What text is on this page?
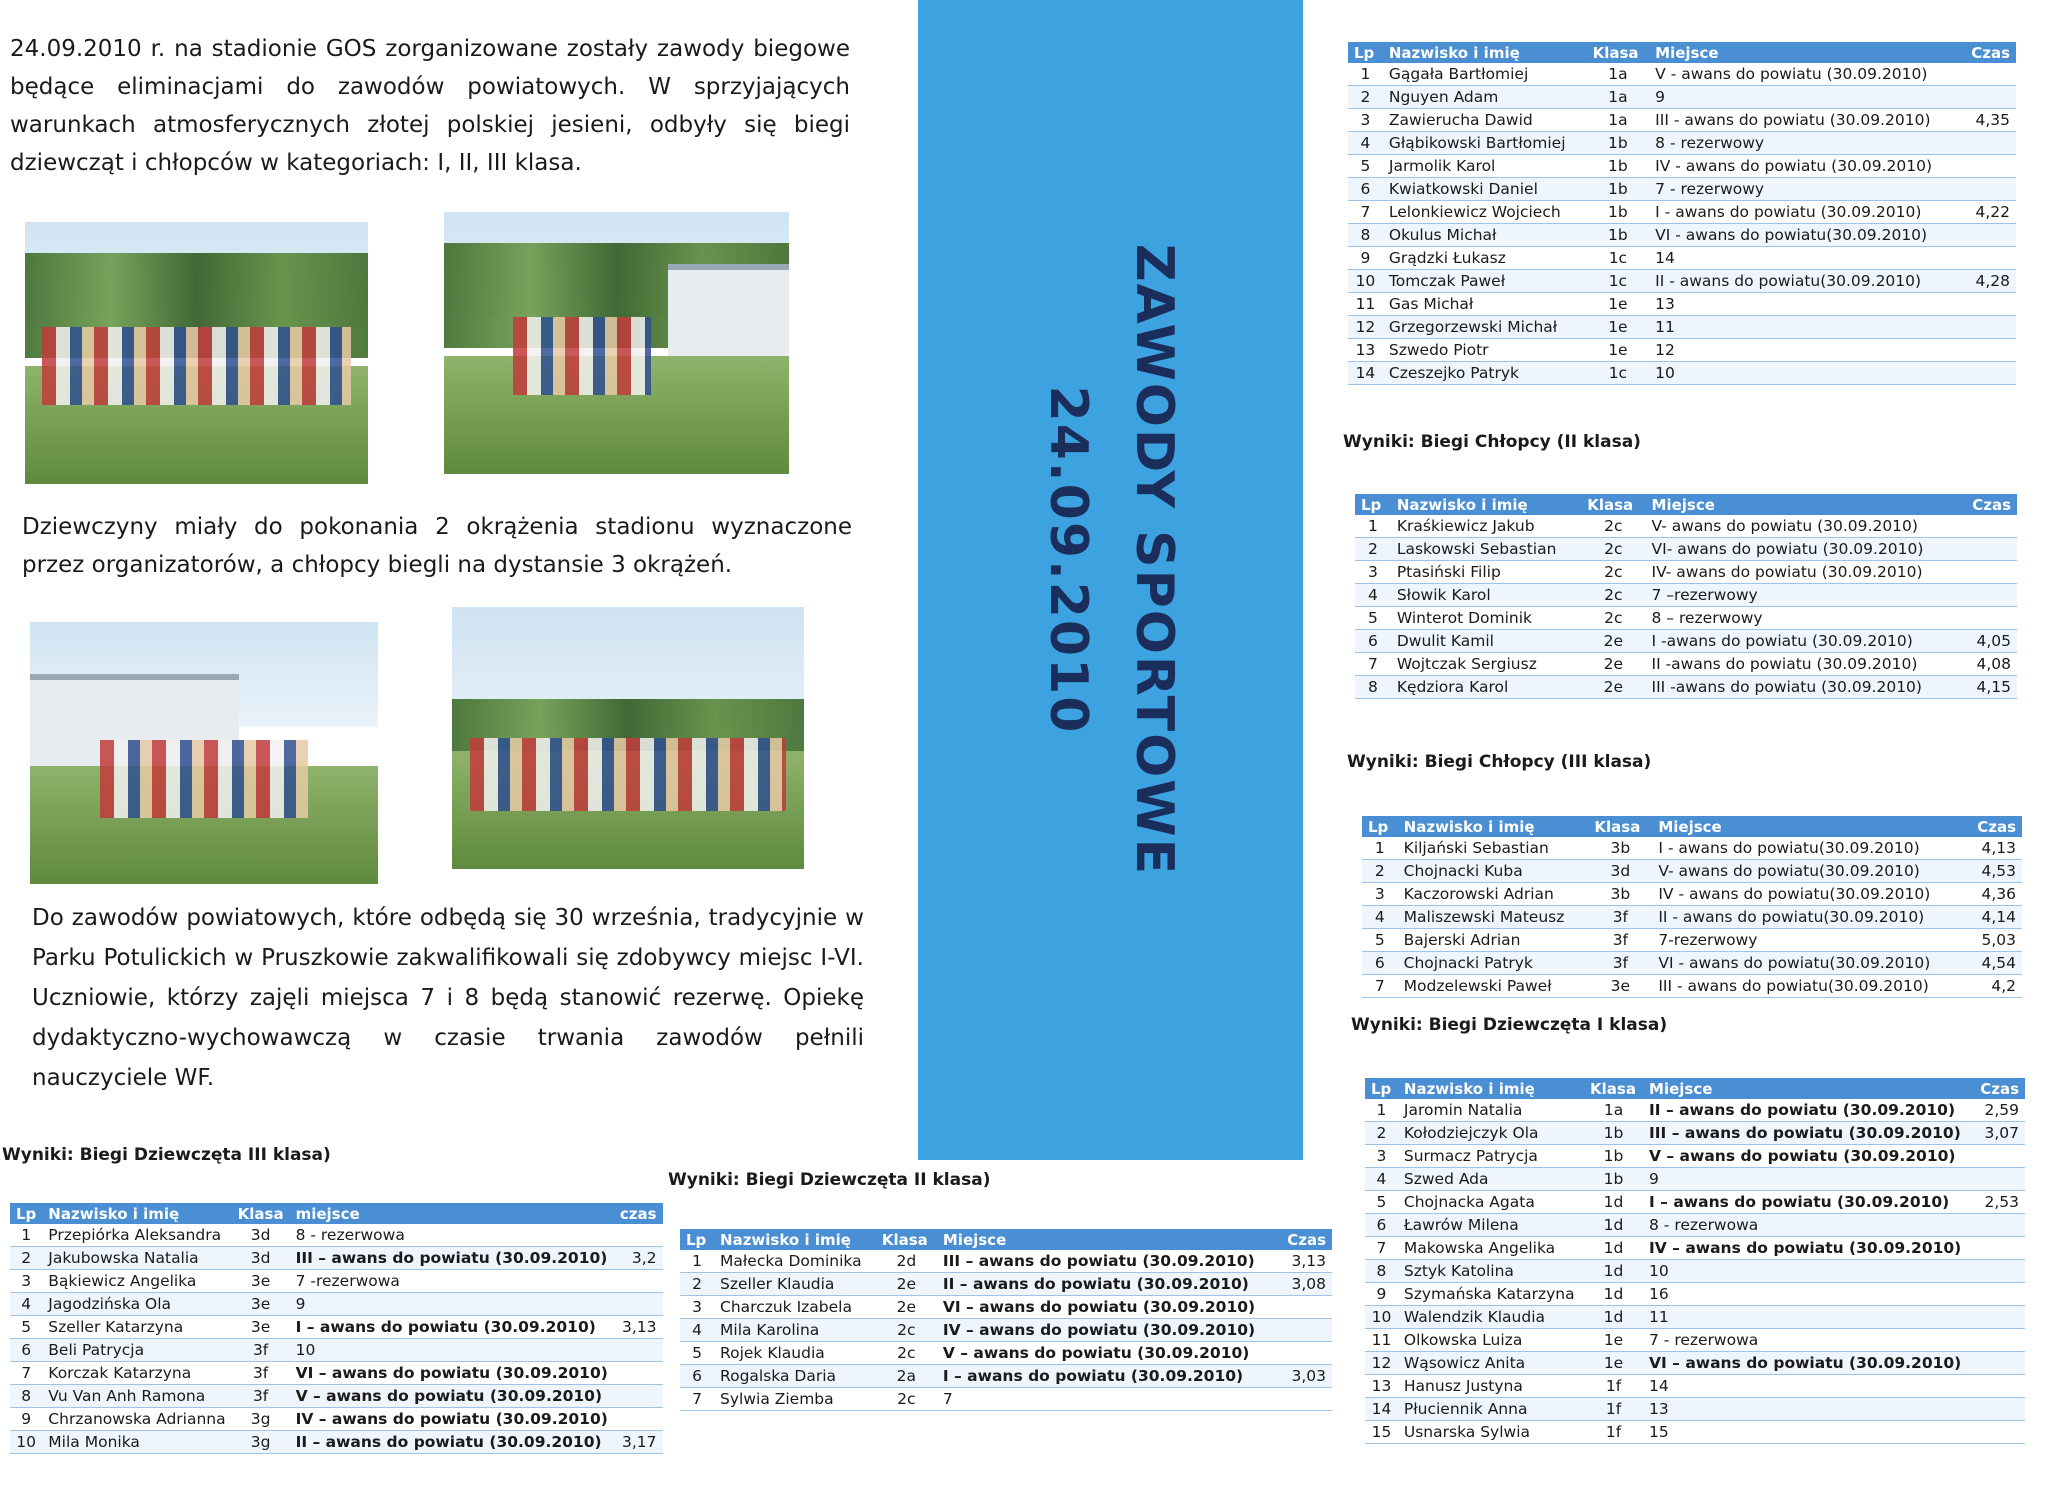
24.09.2010 r. na stadionie GOS zorganizowane zostały zawody biegowe będące eliminacjami do zawodów powiatowych. W sprzyjających warunkach atmosferycznych złotej polskiej jesieni, odbyły się biegi dziewcząt i chłopców w kategoriach: I, II, III klasa.

Dziewczyny miały do pokonania 2 okrążenia stadionu wyznaczone przez organizatorów, a chłopcy biegli na dystansie 3 okrążeń.
Do zawodów powiatowych, które odbędą się 30 września, tradycyjnie w Parku Potulickich w Pruszkowie zakwalifikowali się zdobywcy miejsc I-VI. Uczniowie, którzy zajęli miejsca 7 i 8 będą stanowić rezerwę. Opiekę dydaktyczno-wychowawczą w czasie trwania zawodów pełnili nauczyciele WF.
ZAWODY SPORTOWE
24.09.2010	Wyniki: Biegi Chłopcy (II klasa)
Wyniki: Biegi Chłopcy (III klasa)
Wyniki: Biegi Dziewczęta I klasa)
Wyniki: Biegi Dziewczęta III klasa)
Wyniki: Biegi Dziewczęta II klasa)
Lp	Nazwisko i imię	Klasa	Miejsce	Czas
1	Gągała Bartłomiej	1a	V - awans do powiatu (30.09.2010)	
2	Nguyen Adam	1a	9	
3	Zawierucha Dawid	1a	III - awans do powiatu (30.09.2010)	4,35
4	Głąbikowski Bartłomiej	1b	8 - rezerwowy	
5	Jarmolik Karol	1b	IV - awans do powiatu (30.09.2010)	
6	Kwiatkowski Daniel	1b	7 - rezerwowy	
7	Lelonkiewicz Wojciech	1b	I - awans do powiatu (30.09.2010)	4,22
8	Okulus Michał	1b	VI - awans do powiatu(30.09.2010)	
9	Grądzki Łukasz	1c	14	
10	Tomczak Paweł	1c	II - awans do powiatu(30.09.2010)	4,28
11	Gas Michał	1e	13	
12	Grzegorzewski Michał	1e	11	
13	Szwedo Piotr	1e	12	
14	Czeszejko Patryk	1c	10	
Lp	Nazwisko i imię	Klasa	Miejsce	Czas
1	Kraśkiewicz Jakub	2c	V- awans do powiatu (30.09.2010)	
2	Laskowski Sebastian	2c	VI- awans do powiatu (30.09.2010)	
3	Ptasiński Filip	2c	IV- awans do powiatu (30.09.2010)	
4	Słowik Karol	2c	7 –rezerwowy	
5	Winterot Dominik	2c	8 – rezerwowy	
6	Dwulit Kamil	2e	I -awans do powiatu (30.09.2010)	4,05
7	Wojtczak Sergiusz	2e	II -awans do powiatu (30.09.2010)	4,08
8	Kędziora Karol	2e	III -awans do powiatu (30.09.2010)	4,15
Lp	Nazwisko i imię	Klasa	Miejsce	Czas
1	Kiljański Sebastian	3b	I - awans do powiatu(30.09.2010)	4,13
2	Chojnacki Kuba	3d	V- awans do powiatu(30.09.2010)	4,53
3	Kaczorowski Adrian	3b	IV - awans do powiatu(30.09.2010)	4,36
4	Maliszewski Mateusz	3f	II - awans do powiatu(30.09.2010)	4,14
5	Bajerski Adrian	3f	7-rezerwowy	5,03
6	Chojnacki Patryk	3f	VI - awans do powiatu(30.09.2010)	4,54
7	Modzelewski Paweł	3e	III - awans do powiatu(30.09.2010)	4,2
Lp	Nazwisko i imię	Klasa	Miejsce	Czas
1	Jaromin Natalia	1a	II – awans do powiatu (30.09.2010)	2,59
2	Kołodziejczyk Ola	1b	III – awans do powiatu (30.09.2010)	3,07
3	Surmacz Patrycja	1b	V – awans do powiatu (30.09.2010)	
4	Szwed Ada	1b	9	
5	Chojnacka Agata	1d	I – awans do powiatu (30.09.2010)	2,53
6	Ławrów Milena	1d	8 - rezerwowa	
7	Makowska Angelika	1d	IV – awans do powiatu (30.09.2010)	
8	Sztyk Katolina	1d	10	
9	Szymańska Katarzyna	1d	16	
10	Walendzik Klaudia	1d	11	
11	Olkowska Luiza	1e	7 - rezerwowa	
12	Wąsowicz Anita	1e	VI – awans do powiatu (30.09.2010)	
13	Hanusz Justyna	1f	14	
14	Płuciennik Anna	1f	13	
15	Usnarska Sylwia	1f	15	
Lp	Nazwisko i imię	Klasa	miejsce	czas
1	Przepiórka Aleksandra	3d	8 - rezerwowa	
2	Jakubowska Natalia	3d	III – awans do powiatu (30.09.2010)	3,2
3	Bąkiewicz Angelika	3e	7 -rezerwowa	
4	Jagodzińska Ola	3e	9	
5	Szeller Katarzyna	3e	I – awans do powiatu (30.09.2010)	3,13
6	Beli Patrycja	3f	10	
7	Korczak Katarzyna	3f	VI – awans do powiatu (30.09.2010)	
8	Vu Van Anh Ramona	3f	V – awans do powiatu (30.09.2010)	
9	Chrzanowska Adrianna	3g	IV – awans do powiatu (30.09.2010)	
10	Mila Monika	3g	II – awans do powiatu (30.09.2010)	3,17
Lp	Nazwisko i imię	Klasa	Miejsce	Czas
1	Małecka Dominika	2d	III – awans do powiatu (30.09.2010)	3,13
2	Szeller Klaudia	2e	II – awans do powiatu (30.09.2010)	3,08
3	Charczuk Izabela	2e	VI – awans do powiatu (30.09.2010)	
4	Mila Karolina	2c	IV – awans do powiatu (30.09.2010)	
5	Rojek Klaudia	2c	V – awans do powiatu (30.09.2010)	
6	Rogalska Daria	2a	I – awans do powiatu (30.09.2010)	3,03
7	Sylwia Ziemba	2c	7	
